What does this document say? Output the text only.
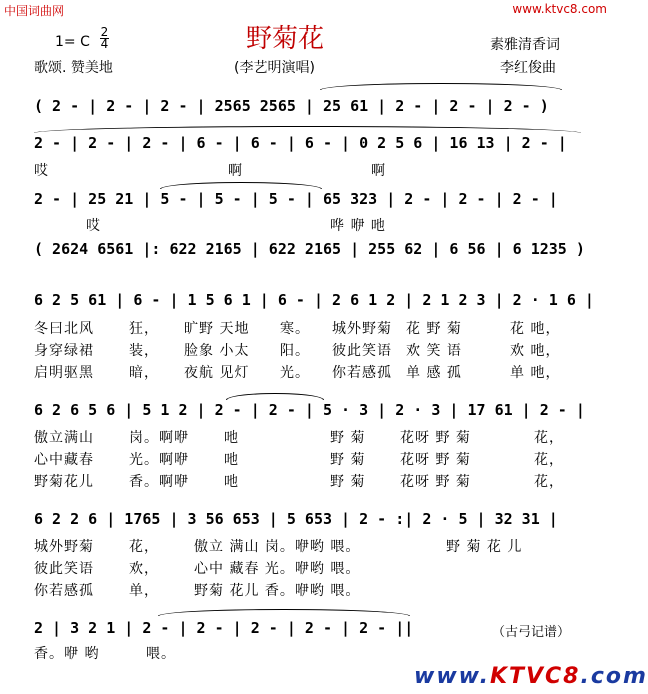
中国词曲网	www.ktvc8.com
野菊花
1= C
2
4
歌颂. 赞美地	(李艺明演唱)
素雅清香词
李红俊曲
( 2 - | 2 - | 2 - | 2565 2565 | 25 61 | 2 - | 2 - | 2 - )
2 - | 2 - | 2 - | 6 - | 6 - | 6 - | 0 2 5 6 | 16 13 | 2 - |
哎	啊	啊
2 - | 25 21 | 5 - | 5 - | 5 - | 65 323 | 2 - | 2 - | 2 - |
哎	哗 咿 吔
( 2624 6561 |: 622 2165 | 622 2165 | 255 62 | 6 56 | 6 1235 )
6 2 5 61 | 6 - | 1 5 6 1 | 6 - | 2 6 1 2 | 2 1 2 3 | 2 · 1 6 |
冬曰北风	狂， 旷野 天地 寒。 城外野菊 花 野 菊	花 吔，
身穿绿裙	装， 脸象 小太 阳。 彼此笑语 欢 笑 语	欢 吔，
启明驱黑	暗， 夜航 见灯 光。 你若感孤 单 感 孤	单 吔，
6 2 6 5 6 | 5 1 2 | 2 - | 2 - | 5 · 3 | 2 · 3 | 17 61 | 2 - |
傲立满山	岗。啊咿	吔	野 菊 花呀 野 菊	花，
心中藏春	光。啊咿	吔	野 菊 花呀 野 菊	花，
野菊花儿	香。啊咿	吔	野 菊 花呀 野 菊	花，
6 2 2 6 | 1765 | 3 56 653 | 5 653 | 2 - :| 2 · 5 | 32 31 |
城外野菊	花，	傲立 满山 岗。咿哟 喂。	野 菊 花 儿
彼此笑语	欢，	心中 藏春 光。咿哟 喂。
你若感孤	单，	野菊 花儿 香。咿哟 喂。
2 | 3 2 1 | 2 - | 2 - | 2 - | 2 - | 2 - ||
香。咿 哟	喂。
（古弓记谱）
www.KTVC8.com
